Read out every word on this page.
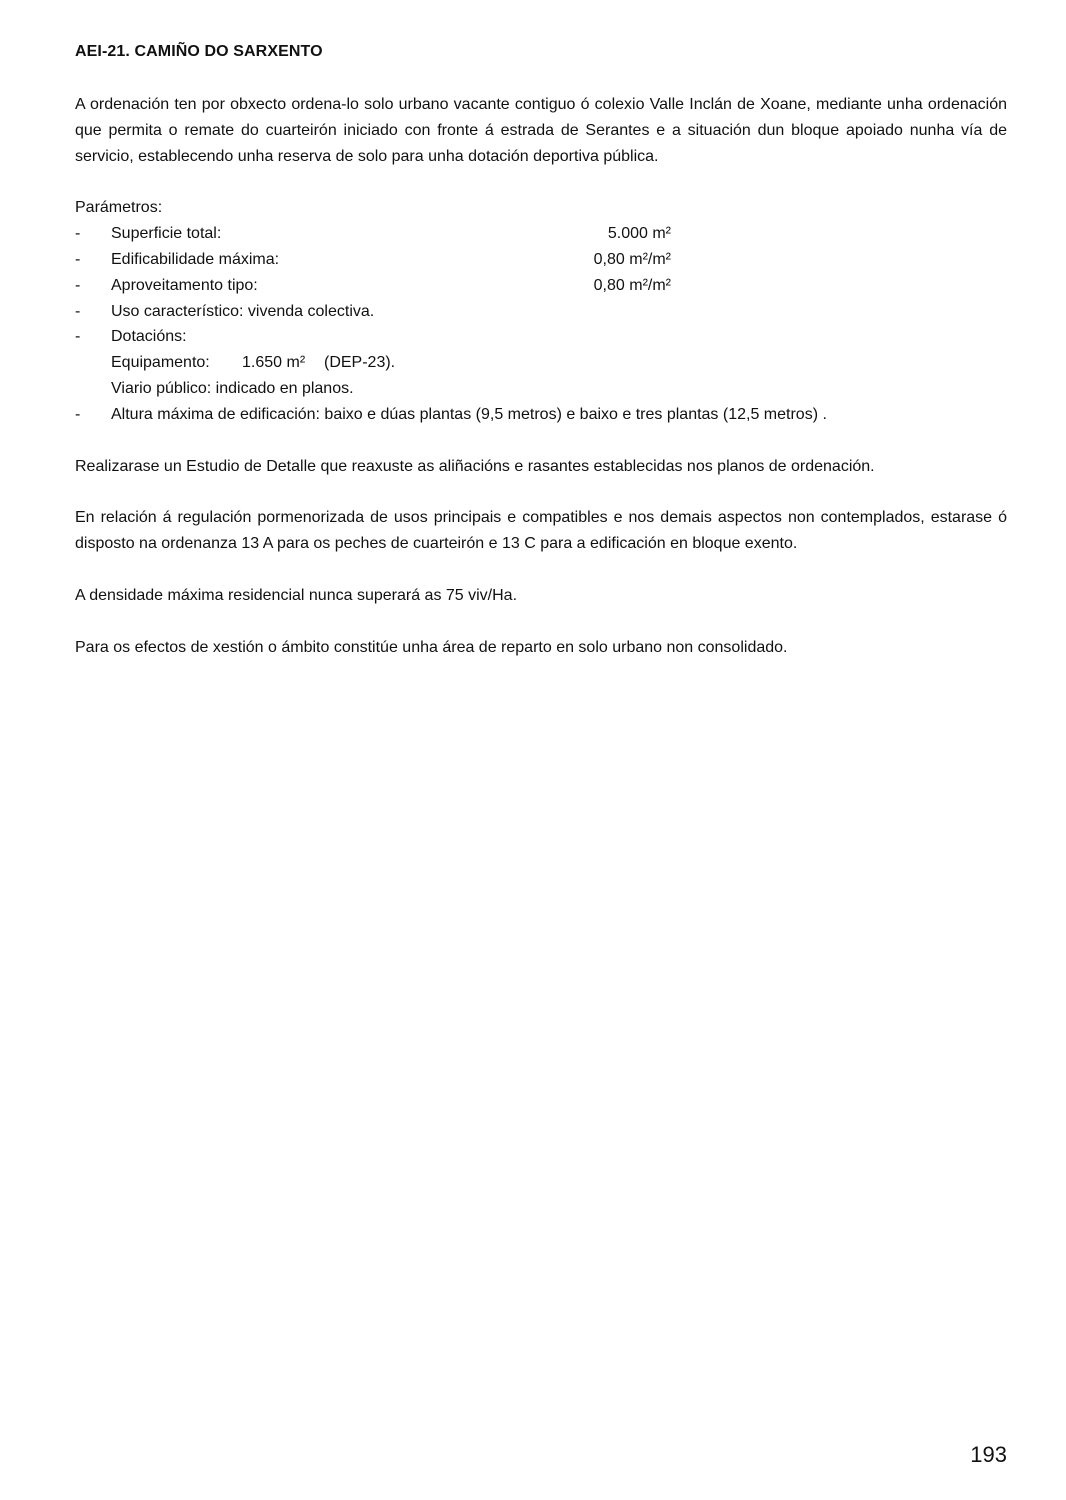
AEI-21. CAMIÑO DO SARXENTO
A ordenación ten por obxecto ordena-lo solo urbano vacante contiguo ó colexio Valle Inclán de Xoane, mediante unha ordenación que permita o remate do cuarteirón iniciado con fronte á estrada de Serantes e a situación dun bloque apoiado nunha vía de servicio, establecendo unha reserva de solo para unha dotación deportiva pública.
Parámetros:
- Superficie total:	5.000 m²
- Edificabilidade máxima:	0,80 m²/m²
- Aproveitamento tipo:	0,80 m²/m²
- Uso característico: vivenda colectiva.
- Dotacións:
Equipamento: 1.650 m² (DEP-23).
Viario público: indicado en planos.
- Altura máxima de edificación: baixo e dúas plantas (9,5 metros) e baixo e tres plantas (12,5 metros) .
Realizarase un Estudio de Detalle que reaxuste as aliñacións e rasantes establecidas nos planos de ordenación.
En relación á regulación pormenorizada de usos principais e compatibles e nos demais aspectos non contemplados, estarase ó disposto na ordenanza 13 A para os peches de cuarteirón e 13 C para a edificación en bloque exento.
A densidade máxima residencial nunca superará as 75 viv/Ha.
Para os efectos de xestión o ámbito constitúe unha área de reparto en solo urbano non consolidado.
193
